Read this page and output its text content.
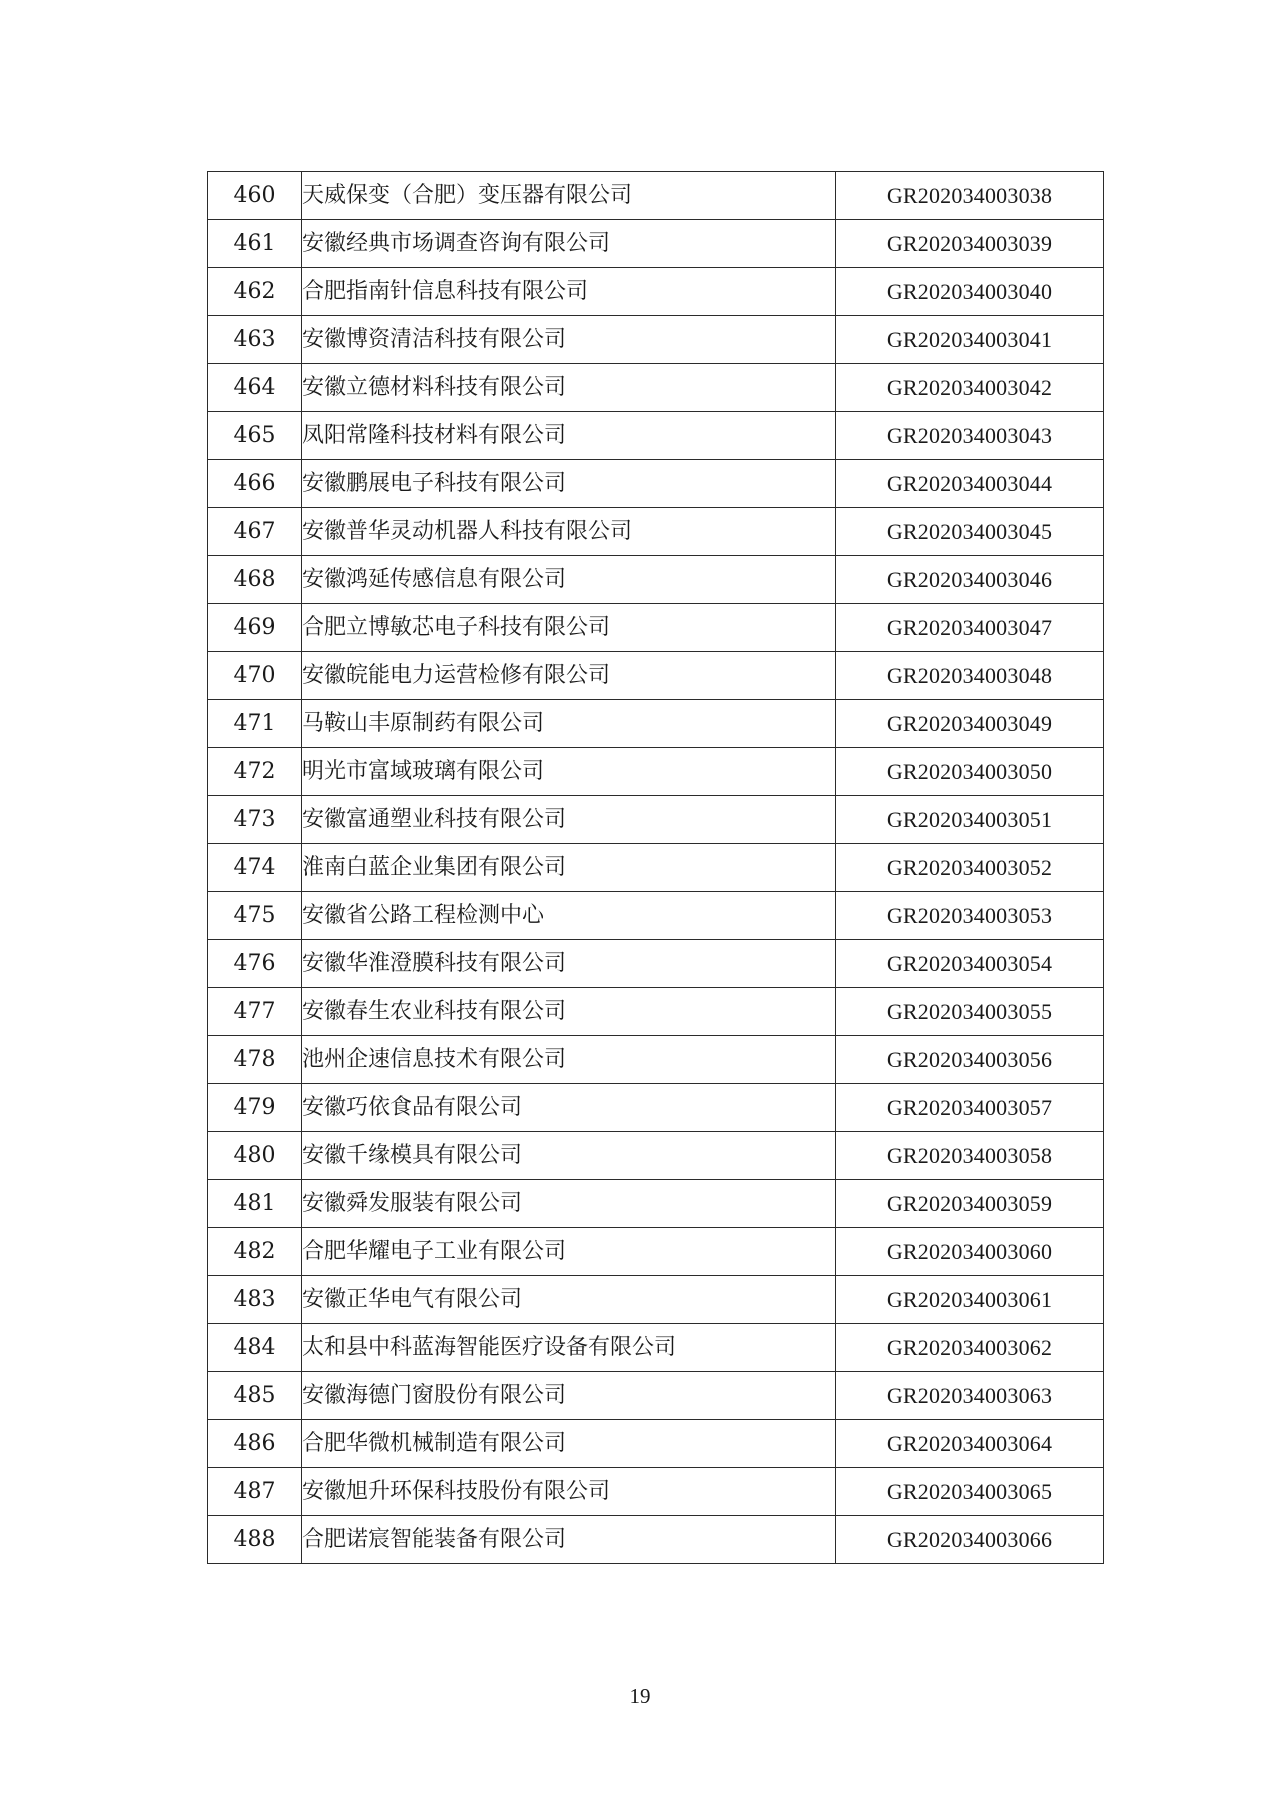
460	天威保变（合肥）变压器有限公司	GR202034003038
461	安徽经典市场调查咨询有限公司	GR202034003039
462	合肥指南针信息科技有限公司	GR202034003040
463	安徽博资清洁科技有限公司	GR202034003041
464	安徽立德材料科技有限公司	GR202034003042
465	凤阳常隆科技材料有限公司	GR202034003043
466	安徽鹏展电子科技有限公司	GR202034003044
467	安徽普华灵动机器人科技有限公司	GR202034003045
468	安徽鸿延传感信息有限公司	GR202034003046
469	合肥立博敏芯电子科技有限公司	GR202034003047
470	安徽皖能电力运营检修有限公司	GR202034003048
471	马鞍山丰原制药有限公司	GR202034003049
472	明光市富域玻璃有限公司	GR202034003050
473	安徽富通塑业科技有限公司	GR202034003051
474	淮南白蓝企业集团有限公司	GR202034003052
475	安徽省公路工程检测中心	GR202034003053
476	安徽华淮澄膜科技有限公司	GR202034003054
477	安徽春生农业科技有限公司	GR202034003055
478	池州企速信息技术有限公司	GR202034003056
479	安徽巧依食品有限公司	GR202034003057
480	安徽千缘模具有限公司	GR202034003058
481	安徽舜发服装有限公司	GR202034003059
482	合肥华耀电子工业有限公司	GR202034003060
483	安徽正华电气有限公司	GR202034003061
484	太和县中科蓝海智能医疗设备有限公司	GR202034003062
485	安徽海德门窗股份有限公司	GR202034003063
486	合肥华微机械制造有限公司	GR202034003064
487	安徽旭升环保科技股份有限公司	GR202034003065
488	合肥诺宸智能装备有限公司	GR202034003066
19
